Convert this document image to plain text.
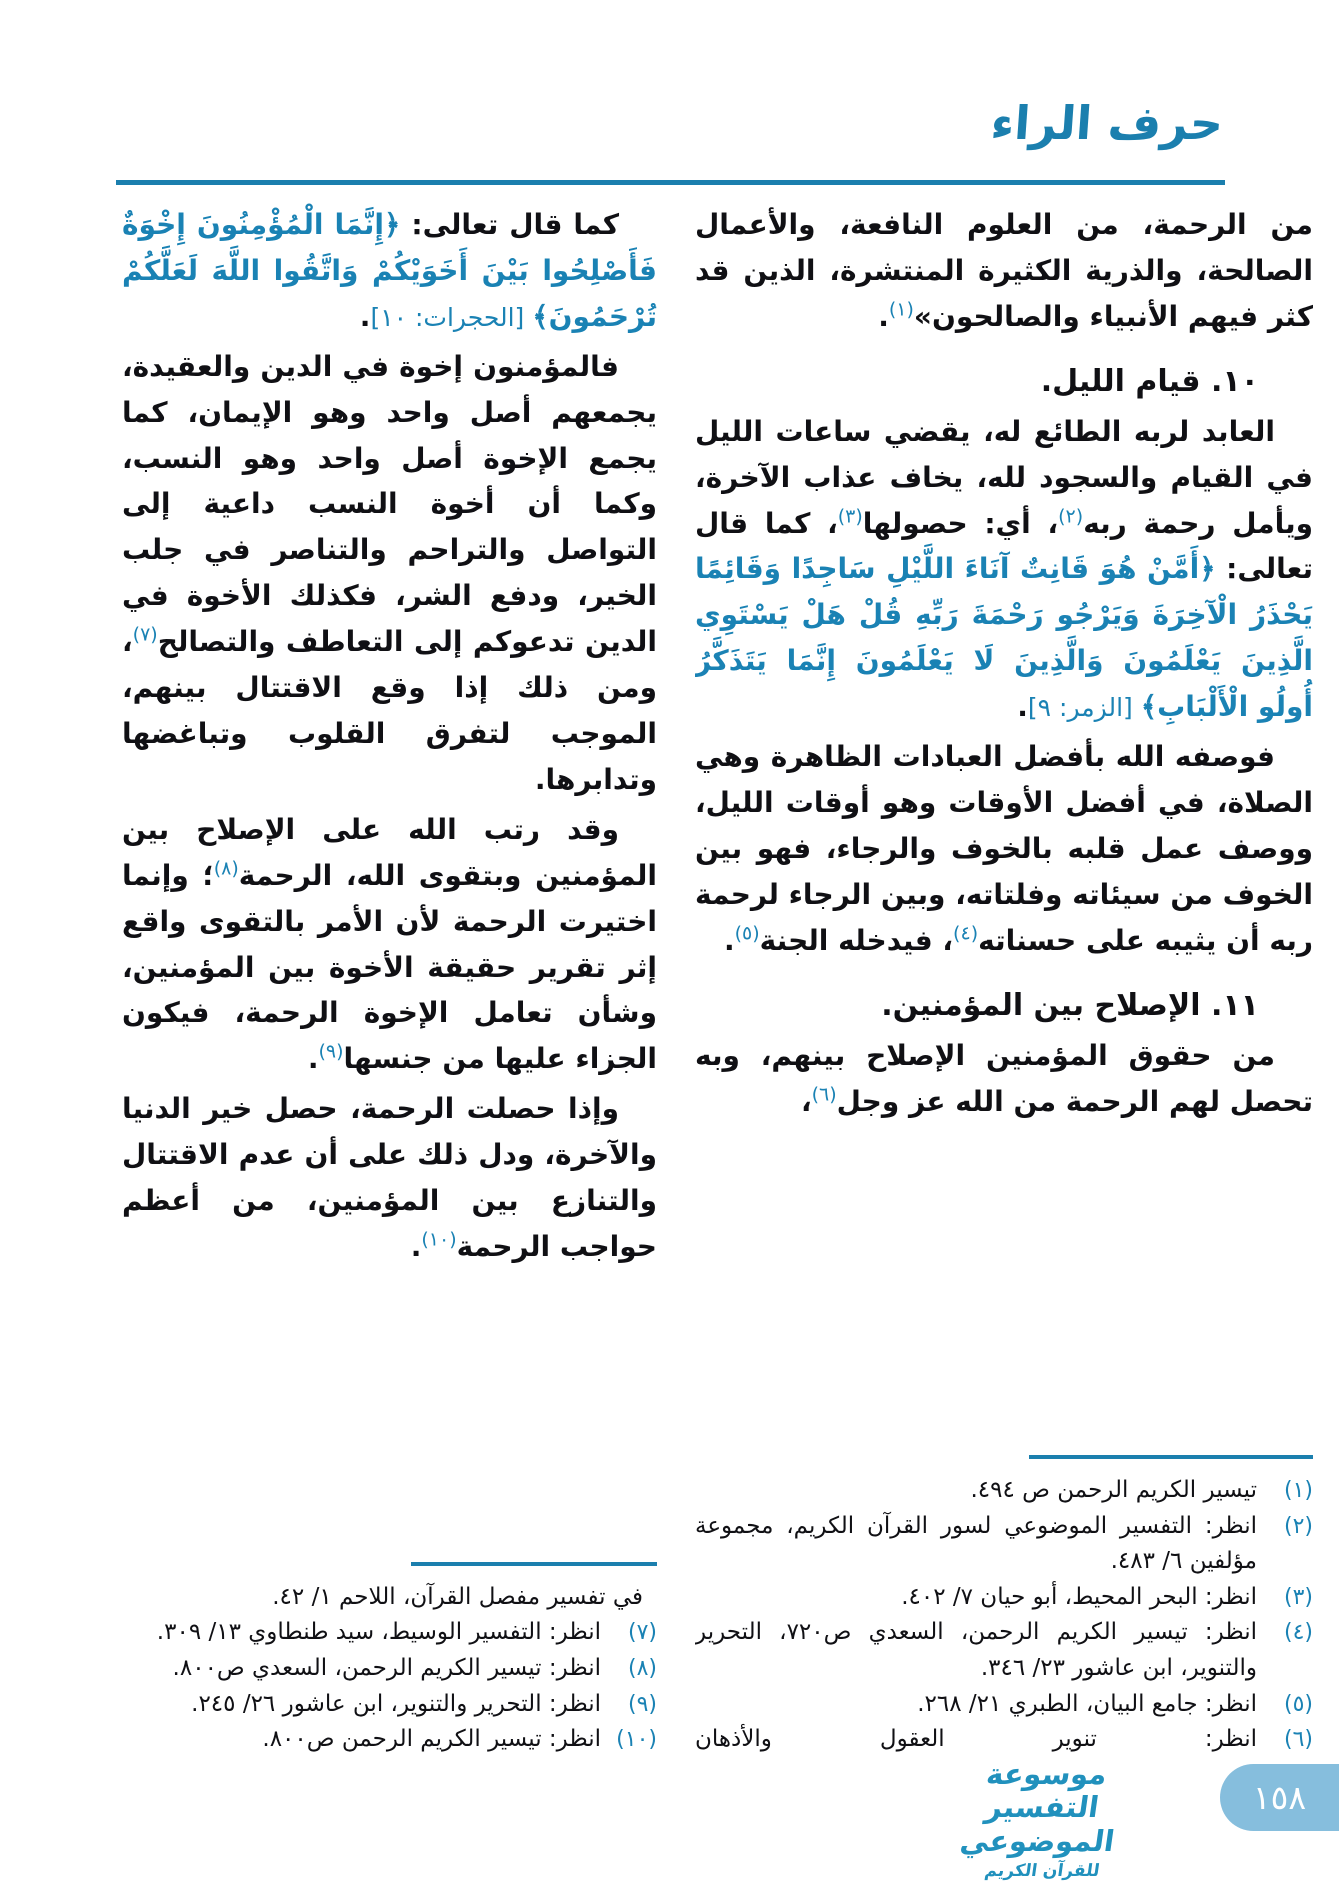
حرف الراء

من الرحمة، من العلوم النافعة، والأعمال الصالحة، والذرية الكثيرة المنتشرة، الذين قد كثر فيهم الأنبياء والصالحون»$^{(١)}$.

١٠. قيام الليل.

العابد لربه الطائع له، يقضي ساعات الليل في القيام والسجود لله، يخاف عذاب الآخرة، ويأمل رحمة ربه$^{(٢)}$، أي: حصولها$^{(٣)}$، كما قال تعالى: ﴿أَمَّنْ هُوَ قَانِتٌ آنَاءَ اللَّيْلِ سَاجِدًا وَقَائِمًا يَحْذَرُ الْآخِرَةَ وَيَرْجُو رَحْمَةَ رَبِّهِ قُلْ هَلْ يَسْتَوِي الَّذِينَ يَعْلَمُونَ وَالَّذِينَ لَا يَعْلَمُونَ إِنَّمَا يَتَذَكَّرُ أُولُو الْأَلْبَابِ﴾ [الزمر: ٩].

فوصفه الله بأفضل العبادات الظاهرة وهي الصلاة، في أفضل الأوقات وهو أوقات الليل، ووصف عمل قلبه بالخوف والرجاء، فهو بين الخوف من سيئاته وفلتاته، وبين الرجاء لرحمة ربه أن يثيبه على حسناته$^{(٤)}$، فيدخله الجنة$^{(٥)}$.

١١. الإصلاح بين المؤمنين.

من حقوق المؤمنين الإصلاح بينهم، وبه تحصل لهم الرحمة من الله عز وجل$^{(٦)}$،

(١)
تيسير الكريم الرحمن ص ٤٩٤.
(٢)
انظر: التفسير الموضوعي لسور القرآن الكريم، مجموعة مؤلفين ٦/ ٤٨٣.
(٣)
انظر: البحر المحيط، أبو حيان ٧/ ٤٠٢.
(٤)
انظر: تيسير الكريم الرحمن، السعدي ص٧٢٠، التحرير والتنوير، ابن عاشور ٢٣/ ٣٤٦.
(٥)
انظر: جامع البيان، الطبري ٢١/ ٢٦٨.
(٦)
انظر: تنوير العقول والأذهان

كما قال تعالى: ﴿إِنَّمَا الْمُؤْمِنُونَ إِخْوَةٌ فَأَصْلِحُوا بَيْنَ أَخَوَيْكُمْ وَاتَّقُوا اللَّهَ لَعَلَّكُمْ تُرْحَمُونَ﴾ [الحجرات: ١٠].

فالمؤمنون إخوة في الدين والعقيدة، يجمعهم أصل واحد وهو الإيمان، كما يجمع الإخوة أصل واحد وهو النسب، وكما أن أخوة النسب داعية إلى التواصل والتراحم والتناصر في جلب الخير، ودفع الشر، فكذلك الأخوة في الدين تدعوكم إلى التعاطف والتصالح$^{(٧)}$، ومن ذلك إذا وقع الاقتتال بينهم، الموجب لتفرق القلوب وتباغضها وتدابرها.

وقد رتب الله على الإصلاح بين المؤمنين وبتقوى الله، الرحمة$^{(٨)}$؛ وإنما اختيرت الرحمة لأن الأمر بالتقوى واقع إثر تقرير حقيقة الأخوة بين المؤمنين، وشأن تعامل الإخوة الرحمة، فيكون الجزاء عليها من جنسها$^{(٩)}$.

وإذا حصلت الرحمة، حصل خير الدنيا والآخرة، ودل ذلك على أن عدم الاقتتال والتنازع بين المؤمنين، من أعظم حواجب الرحمة$^{(١٠)}$.

في تفسير مفصل القرآن، اللاحم ١/ ٤٢.
(٧)
انظر: التفسير الوسيط، سيد طنطاوي ١٣/ ٣٠٩.
(٨)
انظر: تيسير الكريم الرحمن، السعدي ص٨٠٠.
(٩)
انظر: التحرير والتنوير، ابن عاشور ٢٦/ ٢٤٥.
(١٠)
انظر: تيسير الكريم الرحمن ص٨٠٠.
موسوعة التفسير الموضوعي
للقرآن الكريم
١٥٨
